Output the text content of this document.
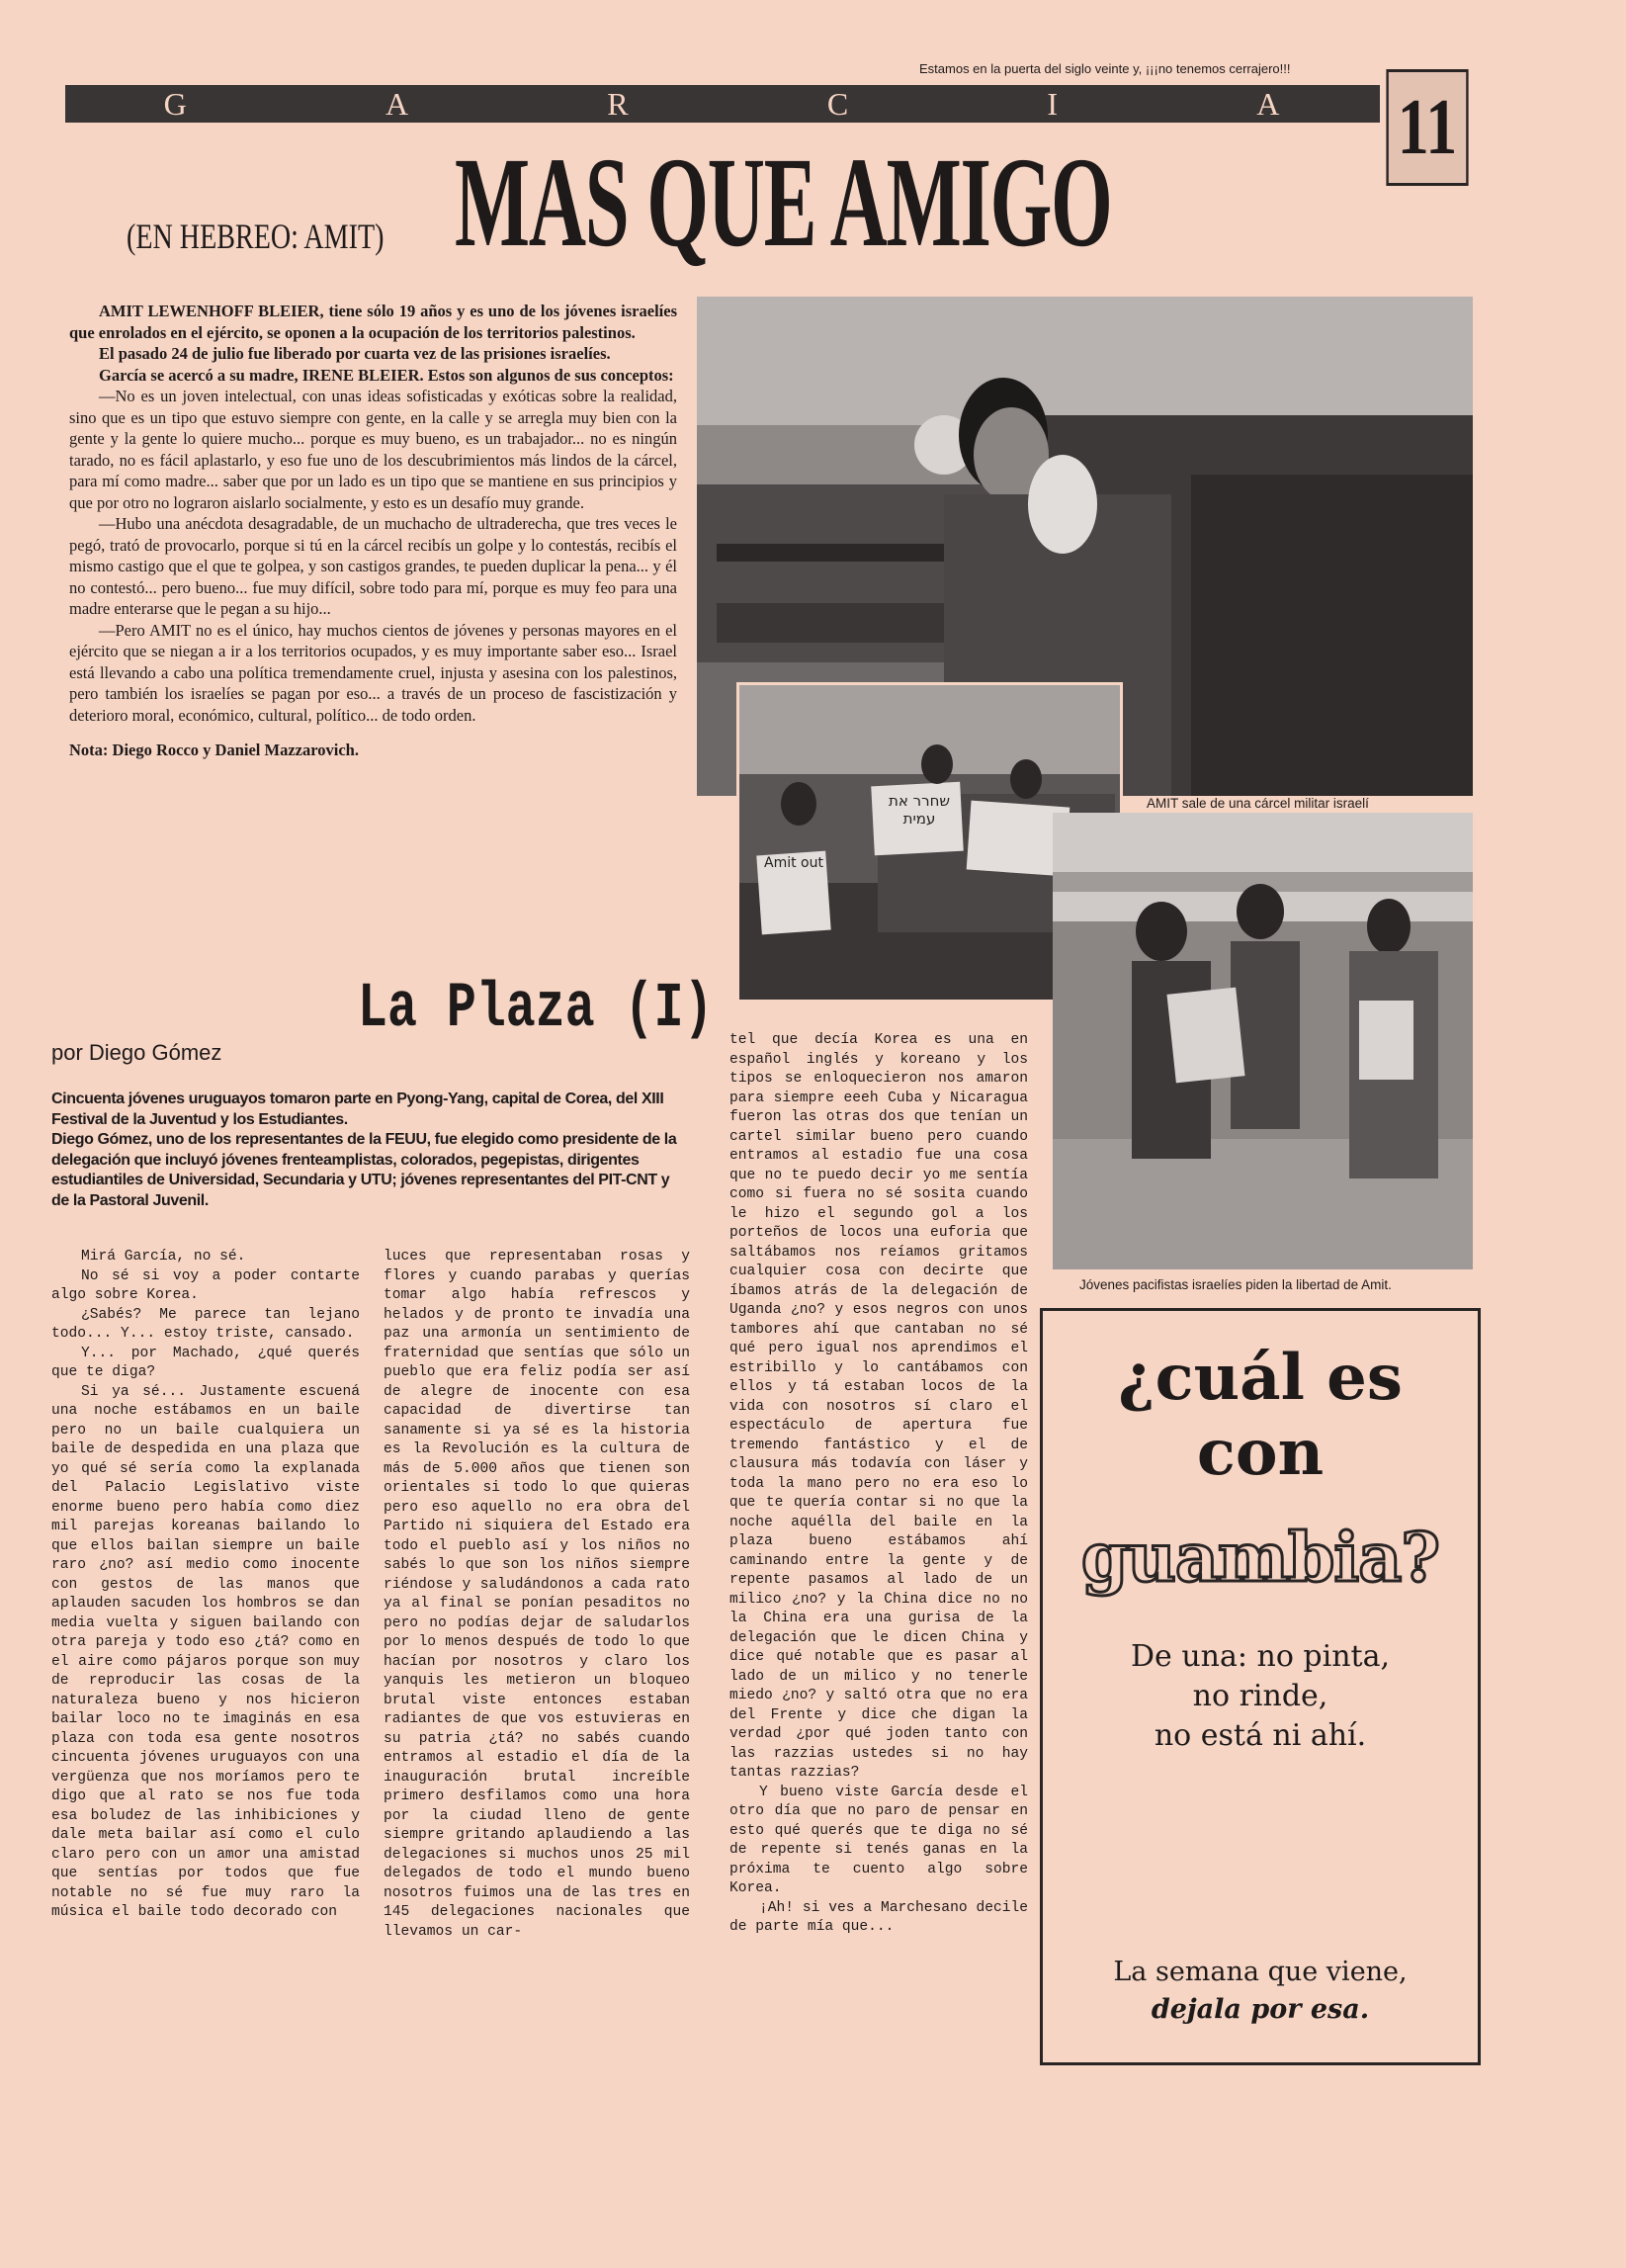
Estamos en la puerta del siglo veinte y, ¡¡¡no tenemos cerrajero!!!
G	A	R	C	I	A 11
(EN HEBREO: AMIT) MAS QUE AMIGO

AMIT LEWENHOFF BLEIER, tiene sólo 19 años y es uno de los jóvenes israelíes que enrolados en el ejército, se oponen a la ocupación de los territorios palestinos.

El pasado 24 de julio fue liberado por cuarta vez de las prisiones israelíes.

García se acercó a su madre, IRENE BLEIER. Estos son algunos de sus conceptos:

—No es un joven intelectual, con unas ideas sofisticadas y exóticas sobre la realidad, sino que es un tipo que estuvo siempre con gente, en la calle y se arregla muy bien con la gente y la gente lo quiere mucho... porque es muy bueno, es un trabajador... no es ningún tarado, no es fácil aplastarlo, y eso fue uno de los descubrimientos más lindos de la cárcel, para mí como madre... saber que por un lado es un tipo que se mantiene en sus principios y que por otro no lograron aislarlo socialmente, y esto es un desafío muy grande.

—Hubo una anécdota desagradable, de un muchacho de ultraderecha, que tres veces le pegó, trató de provocarlo, porque si tú en la cárcel recibís un golpe y lo contestás, recibís el mismo castigo que el que te golpea, y son castigos grandes, te pueden duplicar la pena... y él no contestó... pero bueno... fue muy difícil, sobre todo para mí, porque es muy feo para una madre enterarse que le pegan a su hijo...

—Pero AMIT no es el único, hay muchos cientos de jóvenes y personas mayores en el ejército que se niegan a ir a los territorios ocupados, y es muy importante saber eso... Israel está llevando a cabo una política tremendamente cruel, injusta y asesina con los palestinos, pero también los israelíes se pagan por eso... a través de un proceso de fascistización y deterioro moral, económico, cultural, político... de todo orden.

Nota: Diego Rocco y Daniel Mazzarovich.

AMIT sale de una cárcel militar israelí
Amit out
שחרר את עמית
Jóvenes pacifistas israelíes piden la libertad de Amit.
La Plaza (I)
por Diego Gómez
Cincuenta jóvenes uruguayos tomaron parte en Pyong-Yang, capital de Corea, del XIII Festival de la Juventud y los Estudiantes.
Diego Gómez, uno de los representantes de la FEUU, fue elegido como presidente de la delegación que incluyó jóvenes frenteamplistas, colorados, pegepistas, dirigentes estudiantiles de Universidad, Secundaria y UTU; jóvenes representantes del PIT-CNT y de la Pastoral Juvenil.

Mirá García, no sé.

No sé si voy a poder contarte algo sobre Korea.

¿Sabés? Me parece tan lejano todo... Y... estoy triste, cansado.

Y... por Machado, ¿qué querés que te diga?

Si ya sé... Justamente escuená una noche estábamos en un baile pero no un baile cualquiera un baile de despedida en una plaza que yo qué sé sería como la explanada del Palacio Legislativo viste enorme bueno pero había como diez mil parejas koreanas bailando lo que ellos bailan siempre un baile raro ¿no? así medio como inocente con gestos de las manos que aplauden sacuden los hombros se dan media vuelta y siguen bailando con otra pareja y todo eso ¿tá? como en el aire como pájaros porque son muy de reproducir las cosas de la naturaleza bueno y nos hicieron bailar loco no te imaginás en esa plaza con toda esa gente nosotros cincuenta jóvenes uruguayos con una vergüenza que nos moríamos pero te digo que al rato se nos fue toda esa boludez de las inhibiciones y dale meta bailar así como el culo claro pero con un amor una amistad que sentías por todos que fue notable no sé fue muy raro la música el baile todo decorado con

luces que representaban rosas y flores y cuando parabas y querías tomar algo había refrescos y helados y de pronto te invadía una paz una armonía un sentimiento de fraternidad que sentías que sólo un pueblo que era feliz podía ser así de alegre de inocente con esa capacidad de divertirse tan sanamente si ya sé es la historia es la Revolución es la cultura de más de 5.000 años que tienen son orientales si todo lo que quieras pero eso aquello no era obra del Partido ni siquiera del Estado era todo el pueblo así y los niños no sabés lo que son los niños siempre riéndose y saludándonos a cada rato ya al final se ponían pesaditos no pero no podías dejar de saludarlos por lo menos después de todo lo que hacían por nosotros y claro los yanquis les metieron un bloqueo brutal viste entonces estaban radiantes de que vos estuvieras en su patria ¿tá? no sabés cuando entramos al estadio el día de la inauguración brutal increíble primero desfilamos como una hora por la ciudad lleno de gente siempre gritando aplaudiendo a las delegaciones si muchos unos 25 mil delegados de todo el mundo bueno nosotros fuimos una de las tres en 145 delegaciones nacionales que llevamos un car-

tel que decía Korea es una en español inglés y koreano y los tipos se enloquecieron nos amaron para siempre eeeh Cuba y Nicaragua fueron las otras dos que tenían un cartel similar bueno pero cuando entramos al estadio fue una cosa que no te puedo decir yo me sentía como si fuera no sé sosita cuando le hizo el segundo gol a los porteños de locos una euforia que saltábamos nos reíamos gritamos cualquier cosa con decirte que íbamos atrás de la delegación de Uganda ¿no? y esos negros con unos tambores ahí que cantaban no sé qué pero igual nos aprendimos el estribillo y lo cantábamos con ellos y tá estaban locos de la vida con nosotros sí claro el espectáculo de apertura fue tremendo fantástico y el de clausura más todavía con láser y toda la mano pero no era eso lo que te quería contar si no que la noche aquélla del baile en la plaza bueno estábamos ahí caminando entre la gente y de repente pasamos al lado de un milico ¿no? y la China dice no no la China era una gurisa de la delegación que le dicen China y dice qué notable que es pasar al lado de un milico y no tenerle miedo ¿no? y saltó otra que no era del Frente y dice che digan la verdad ¿por qué joden tanto con las razzias ustedes si no hay tantas razzias?

Y bueno viste García desde el otro día que no paro de pensar en esto qué querés que te diga no sé de repente si tenés ganas en la próxima te cuento algo sobre Korea.

¡Ah! si ves a Marchesano decile de parte mía que...

¿cuál es
con
guambia?
De una: no pinta,
no rinde,
no está ni ahí.
La semana que viene,
dejala por esa.
